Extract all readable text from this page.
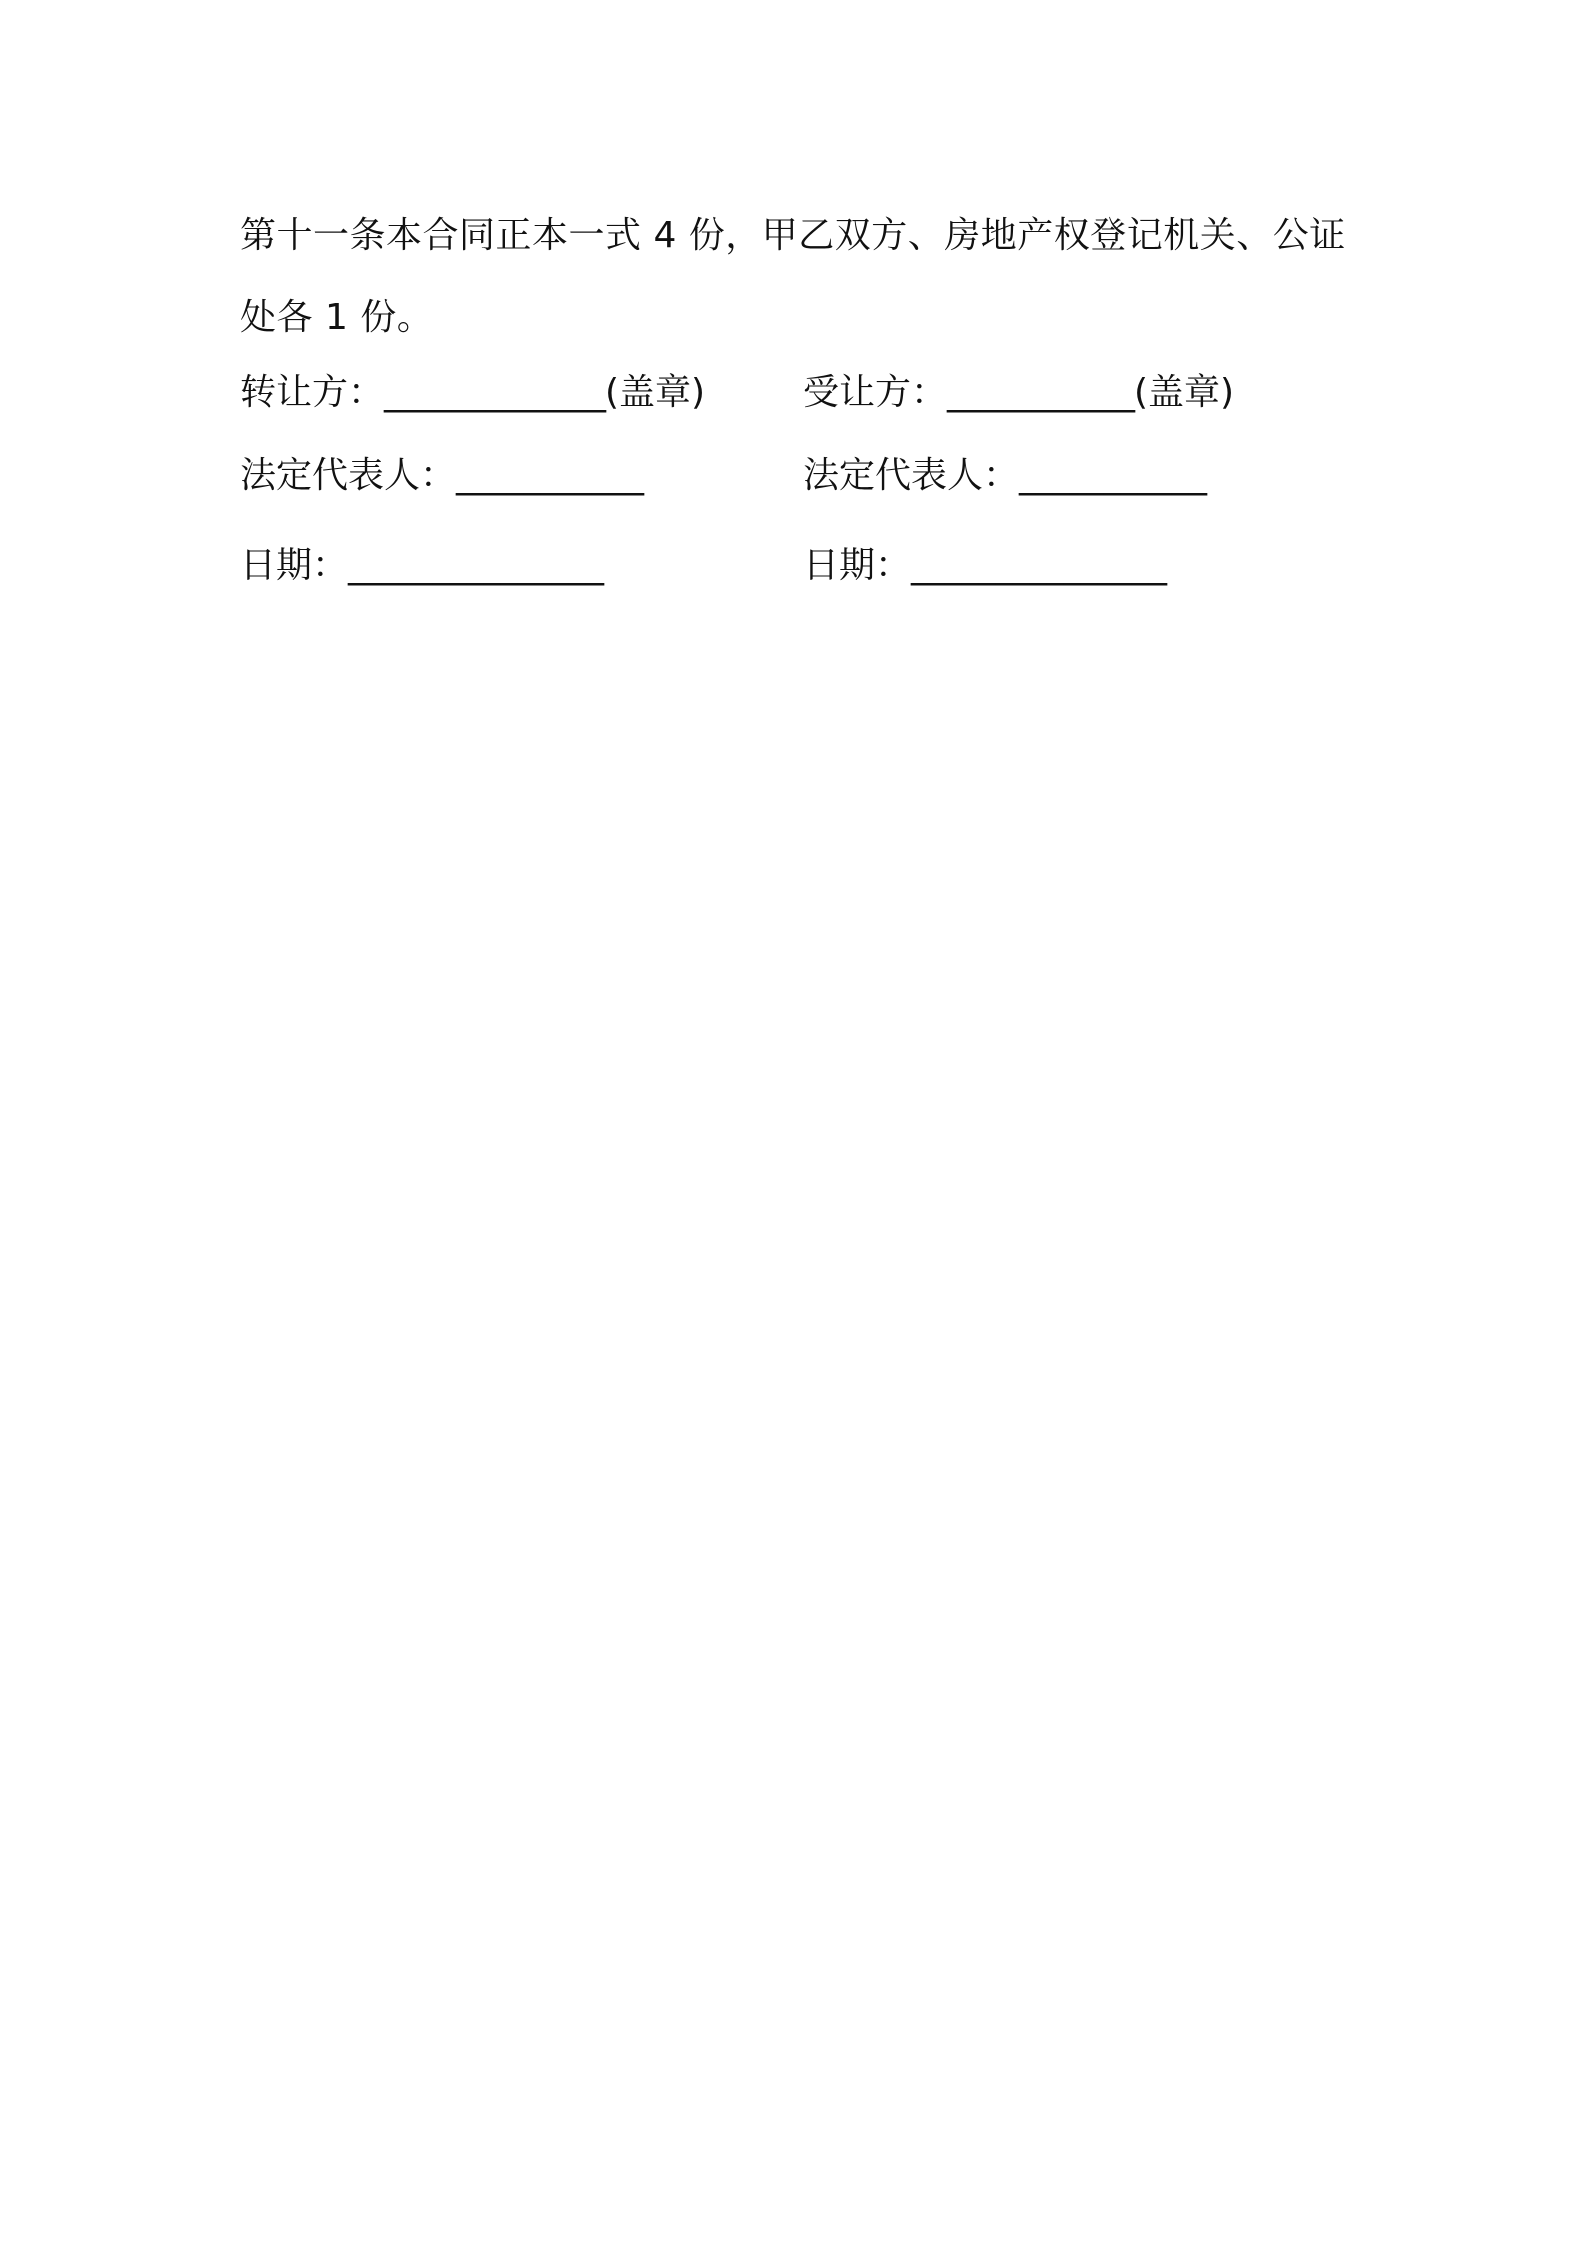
第十一条本合同正本一式 4 份，甲乙双方、房地产权登记机关、公证
处各 1 份。

转让方：_____________(盖章)	受让方：___________(盖章)
法定代表人：___________	法定代表人：___________
日期：_______________	日期：_______________
